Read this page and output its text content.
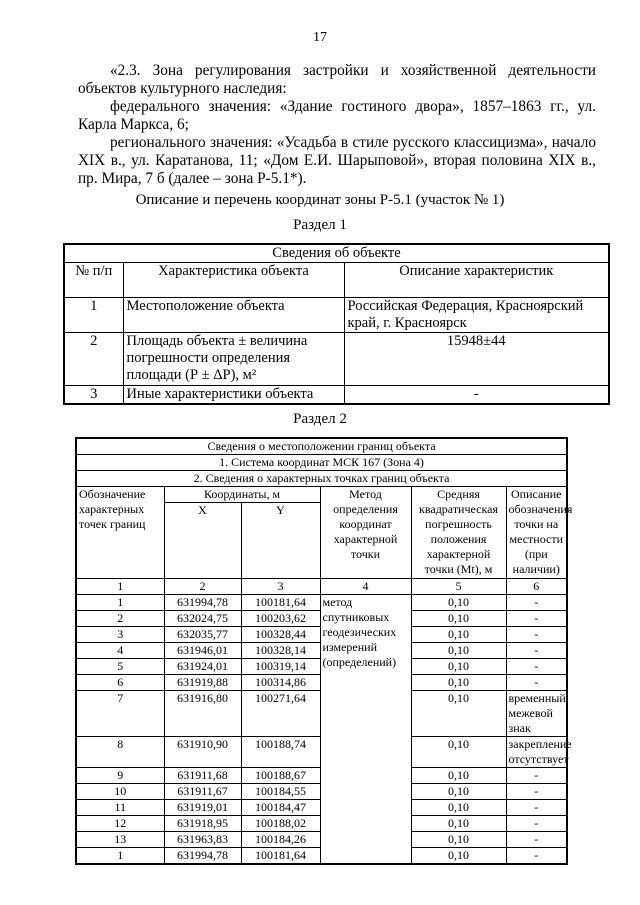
17

«2.3. Зона регулирования застройки и хозяйственной деятельности объектов культурного наследия:

федерального значения: «Здание гостиного двора», 1857–1863 гг., ул. Карла Маркса, 6;

регионального значения: «Усадьба в стиле русского классицизма», начало XIX в., ул. Каратанова, 11; «Дом Е.И. Шарыповой», вторая половина XIX в., пр. Мира, 7 б (далее – зона Р-5.1*).

Описание и перечень координат зоны Р-5.1 (участок № 1)
Раздел 1
Сведения об объекте		
№ п/п	Характеристика объекта	Описание характеристик
1	Местоположение объекта	Российская Федерация, Красноярский край, г. Красноярск
2	Площадь объекта ± величина погрешности определения площади (Р ± ΔР), м²	15948±44
3	Иные характеристики объекта	-
Раздел 2
Сведения о местоположении границ объекта					
1. Система координат МСК 167 (Зона 4)					
2. Сведения о характерных точках границ объекта					
Обозначение характерных точек границ	Координаты, м		Метод определения координат характерной точки	Средняя квадратическая погрешность положения характерной точки (Mt), м	Описание обозначения точки на местности (при наличии)
	X	Y			
1	2	3	4	5	6
1	631994,78	100181,64	метод спутниковых геодезических измерений (определений)	0,10	-
2	632024,75	100203,62		0,10	-
3	632035,77	100328,44		0,10	-
4	631946,01	100328,14		0,10	-
5	631924,01	100319,14		0,10	-
6	631919,88	100314,86		0,10	-
7	631916,80	100271,64		0,10	временный межевой знак
8	631910,90	100188,74		0,10	закрепление отсутствует
9	631911,68	100188,67		0,10	-
10	631911,67	100184,55		0,10	-
11	631919,01	100184,47		0,10	-
12	631918,95	100188,02		0,10	-
13	631963,83	100184,26		0,10	-
1	631994,78	100181,64		0,10	-
